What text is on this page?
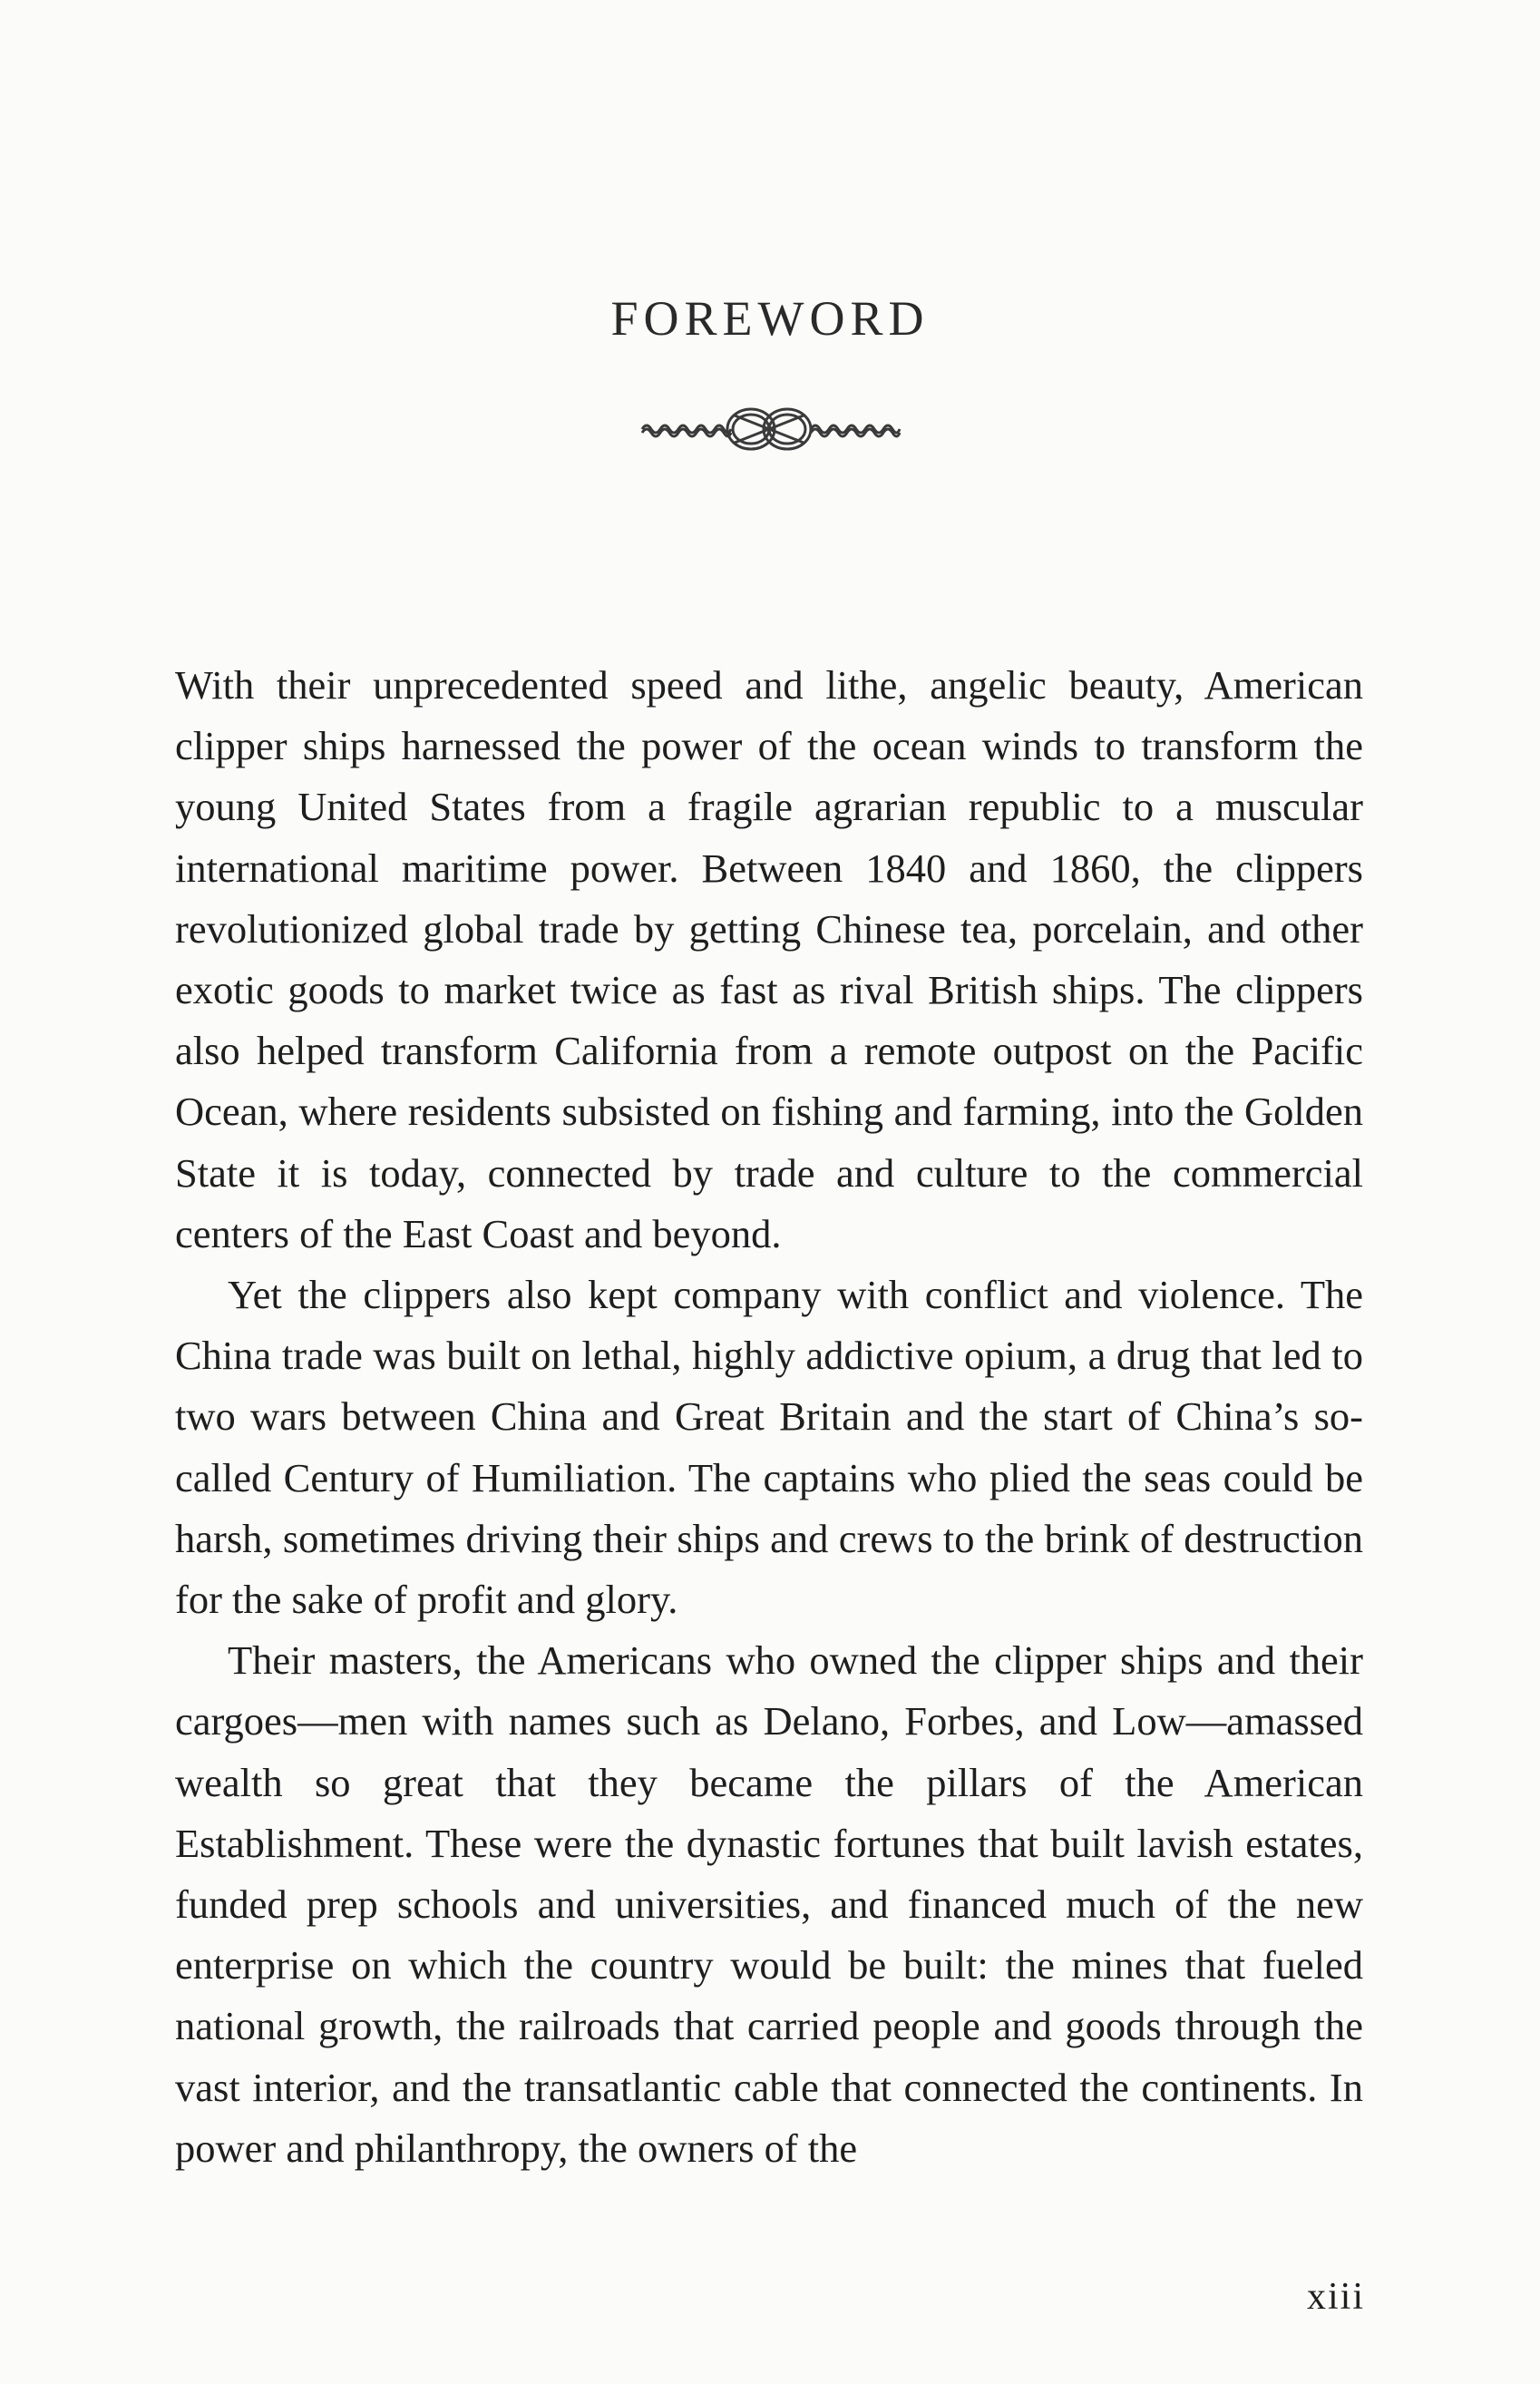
FOREWORD

With their unprecedented speed and lithe, angelic beauty, American clipper ships harnessed the power of the ocean winds to transform the young United States from a fragile agrarian republic to a muscular international maritime power. Between 1840 and 1860, the clippers revolutionized global trade by getting Chinese tea, porcelain, and other exotic goods to market twice as fast as rival British ships. The clippers also helped transform California from a remote outpost on the Pacific Ocean, where residents subsisted on fishing and farming, into the Golden State it is today, connected by trade and culture to the commercial centers of the East Coast and beyond.

Yet the clippers also kept company with conflict and violence. The China trade was built on lethal, highly addictive opium, a drug that led to two wars between China and Great Britain and the start of China’s so-called Century of Humiliation. The captains who plied the seas could be harsh, sometimes driving their ships and crews to the brink of destruction for the sake of profit and glory.

Their masters, the Americans who owned the clipper ships and their cargoes—men with names such as Delano, Forbes, and Low—amassed wealth so great that they became the pillars of the American Establishment. These were the dynastic fortunes that built lavish estates, funded prep schools and universities, and financed much of the new enterprise on which the country would be built: the mines that fueled national growth, the railroads that carried people and goods through the vast interior, and the transatlantic cable that connected the continents. In power and philanthropy, the owners of the

xiii
